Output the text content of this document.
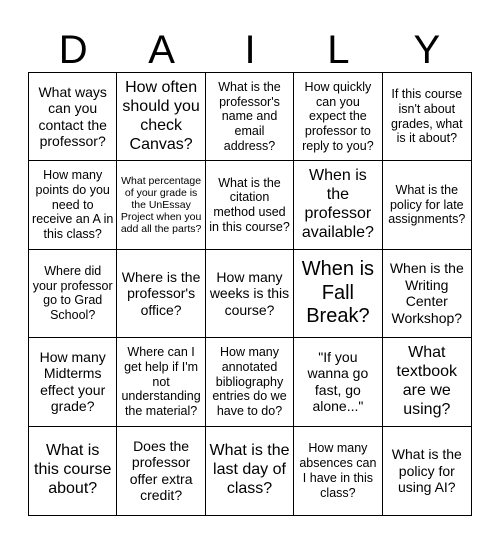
D	A	I	L	Y
What ways can you contact the professor?
How often should you check Canvas?
What is the professor's name and email address?
How quickly can you expect the professor to reply to you?
If this course isn't about grades, what is it about?
How many points do you need to receive an A in this class?
What percentage of your grade is the UnEssay Project when you add all the parts?
What is the citation method used in this course?
When is the professor available?
What is the policy for late assignments?
Where did your professor go to Grad School?
Where is the professor's office?
How many weeks is this course?
When is Fall Break?
When is the Writing Center Workshop?
How many Midterms effect your grade?
Where can I get help if I'm not understanding the material?
How many annotated bibliography entries do we have to do?
"If you wanna go fast, go alone..."
What textbook are we using?
What is this course about?
Does the professor offer extra credit?
What is the last day of class?
How many absences can I have in this class?
What is the policy for using AI?
